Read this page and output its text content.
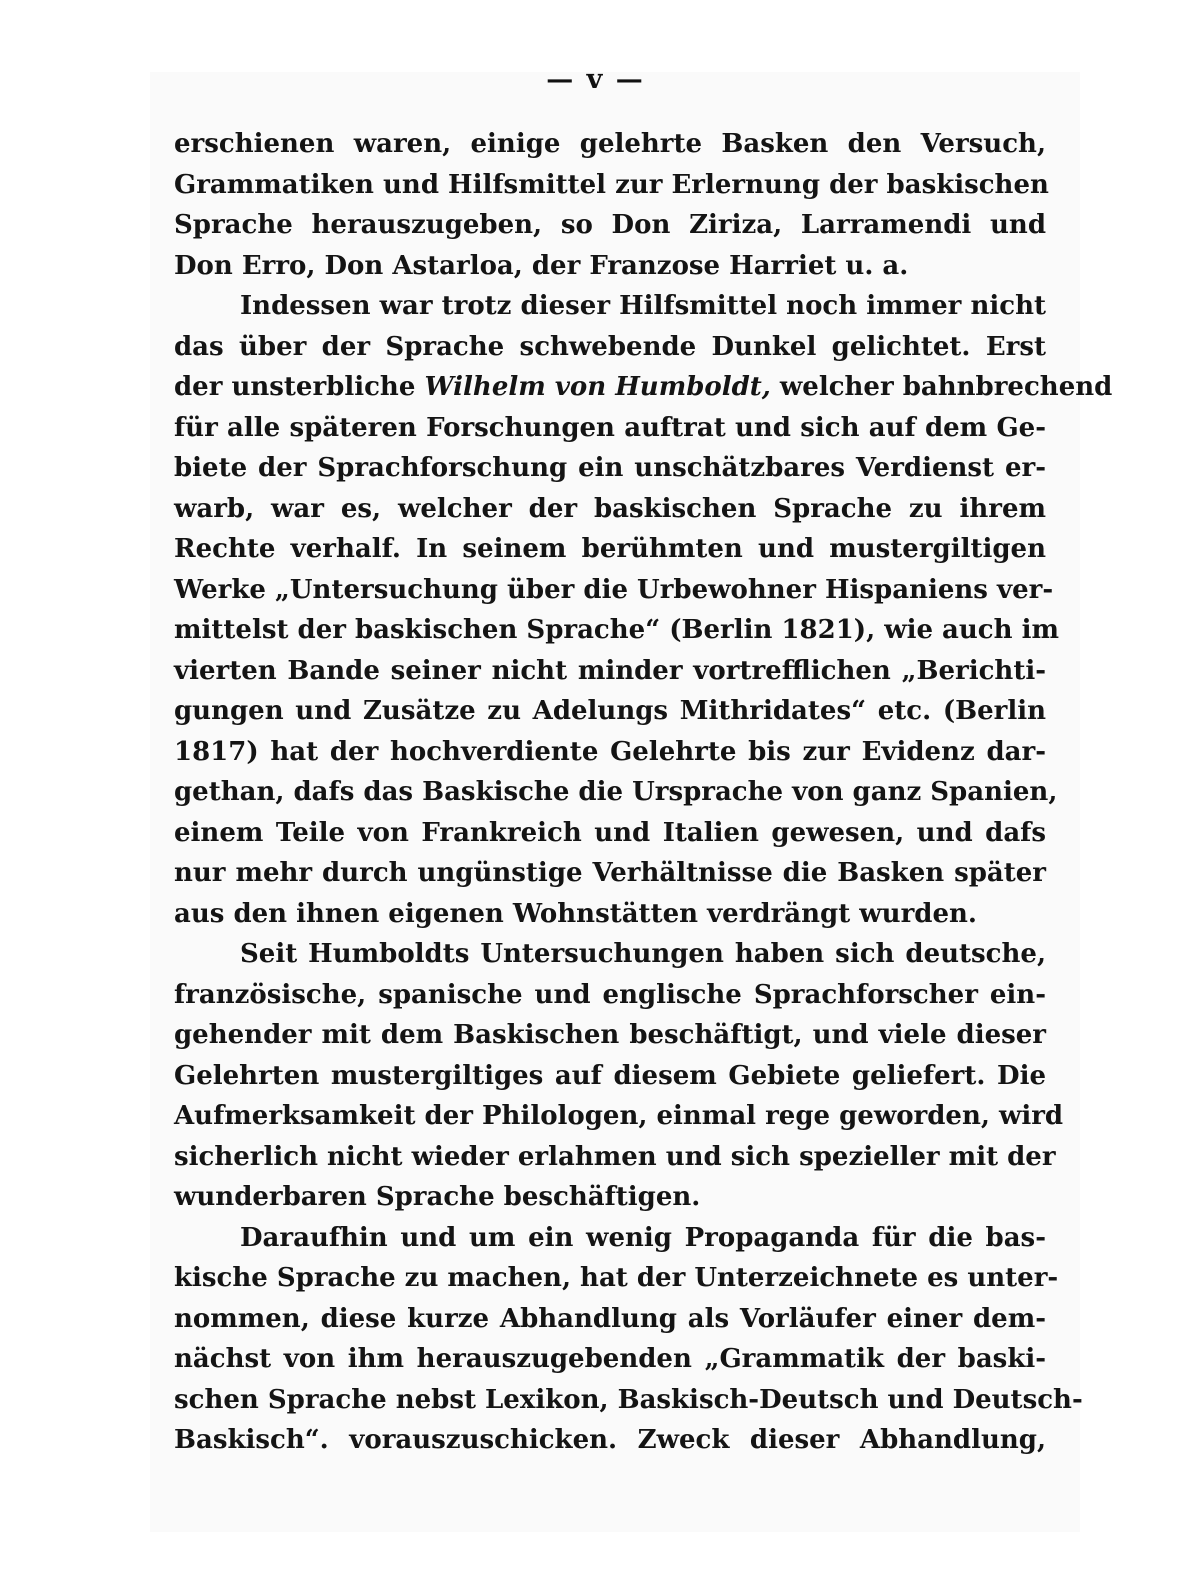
— v —
erschienen waren, einige gelehrte Basken den Versuch,
Grammatiken und Hilfsmittel zur Erlernung der baskischen
Sprache herauszugeben, so Don Ziriza, Larramendi und
Don Erro, Don Astarloa, der Franzose Harriet u. a.
Indessen war trotz dieser Hilfsmittel noch immer nicht
das über der Sprache schwebende Dunkel gelichtet. Erst
der unsterbliche Wilhelm von Humboldt, welcher bahnbrechend
für alle späteren Forschungen auftrat und sich auf dem Ge-
biete der Sprachforschung ein unschätzbares Verdienst er-
warb, war es, welcher der baskischen Sprache zu ihrem
Rechte verhalf. In seinem berühmten und mustergiltigen
Werke „Untersuchung über die Urbewohner Hispaniens ver-
mittelst der baskischen Sprache“ (Berlin 1821), wie auch im
vierten Bande seiner nicht minder vortrefflichen „Berichti-
gungen und Zusätze zu Adelungs Mithridates“ etc. (Berlin
1817) hat der hochverdiente Gelehrte bis zur Evidenz dar-
gethan, dafs das Baskische die Ursprache von ganz Spanien,
einem Teile von Frankreich und Italien gewesen, und dafs
nur mehr durch ungünstige Verhältnisse die Basken später
aus den ihnen eigenen Wohnstätten verdrängt wurden.
Seit Humboldts Untersuchungen haben sich deutsche,
französische, spanische und englische Sprachforscher ein-
gehender mit dem Baskischen beschäftigt, und viele dieser
Gelehrten mustergiltiges auf diesem Gebiete geliefert. Die
Aufmerksamkeit der Philologen, einmal rege geworden, wird
sicherlich nicht wieder erlahmen und sich spezieller mit der
wunderbaren Sprache beschäftigen.
Daraufhin und um ein wenig Propaganda für die bas-
kische Sprache zu machen, hat der Unterzeichnete es unter-
nommen, diese kurze Abhandlung als Vorläufer einer dem-
nächst von ihm herauszugebenden „Grammatik der baski-
schen Sprache nebst Lexikon, Baskisch-Deutsch und Deutsch-
Baskisch“. vorauszuschicken. Zweck dieser Abhandlung,
